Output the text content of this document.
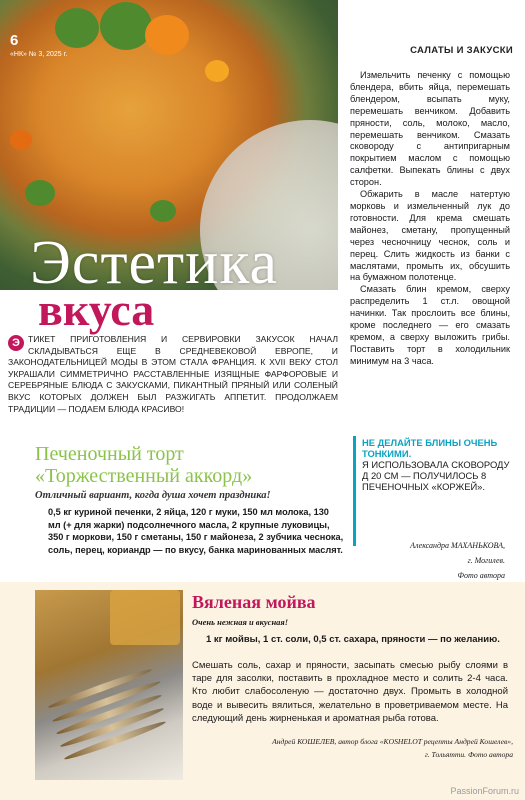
6
«НК» № 3, 2025 г.	САЛАТЫ И ЗАКУСКИ
Эстетика
вкуса
Э ТИКЕТ ПРИГОТОВЛЕНИЯ И СЕРВИРОВКИ ЗАКУСОК НАЧАЛ СКЛАДЫВАТЬСЯ ЕЩЕ В СРЕДНЕВЕКОВОЙ ЕВРОПЕ, И ЗАКОНОДАТЕЛЬНИЦЕЙ МОДЫ В ЭТОМ СТАЛА ФРАНЦИЯ. К XVII ВЕКУ СТОЛ УКРАШАЛИ СИММЕТРИЧНО РАССТАВЛЕННЫЕ ИЗЯЩНЫЕ ФАРФОРОВЫЕ И СЕРЕБРЯНЫЕ БЛЮДА С ЗАКУСКАМИ, ПИКАНТНЫЙ ПРЯНЫЙ ИЛИ СОЛЕНЫЙ ВКУС КОТОРЫХ ДОЛЖЕН БЫЛ РАЗЖИГАТЬ АППЕТИТ. ПРОДОЛЖАЕМ ТРАДИЦИИ — ПОДАЕМ БЛЮДА КРАСИВО!
Печеночный торт
«Торжественный аккорд»
Отличный вариант, когда душа хочет праздника!
0,5 кг куриной печенки, 2 яйца, 120 г муки, 150 мл молока, 130 мл (+ для жарки) подсолнечного масла, 2 крупные луковицы, 350 г моркови, 150 г сметаны, 150 г майонеза, 2 зубчика чеснока, соль, перец, кориандр — по вкусу, банка маринованных маслят.

Измельчить печенку с помощью блендера, вбить яйца, перемешать блендером, всыпать муку, перемешать венчиком. Добавить пряности, соль, молоко, масло, перемешать венчиком. Смазать сковороду с антипригарным покрытием маслом с помощью салфетки. Выпекать блины с двух сторон.

Обжарить в масле натертую морковь и измельченный лук до готовности. Для крема смешать майонез, сметану, пропущенный через чесночницу чеснок, соль и перец. Слить жидкость из банки с маслятами, промыть их, обсушить на бумажном полотенце.

Смазать блин кремом, сверху распределить 1 ст.л. овощной начинки. Так прослоить все блины, кроме последнего — его смазать кремом, а сверху выложить грибы. Поставить торт в холодильник минимум на 3 часа.

НЕ ДЕЛАЙТЕ БЛИНЫ ОЧЕНЬ ТОНКИМИ.
Я ИСПОЛЬЗОВАЛА СКОВОРОДУ Д 20 СМ — ПОЛУЧИЛОСЬ 8 ПЕЧЕНОЧНЫХ «КОРЖЕЙ».
Александра МАХАНЬКОВА,
г. Могилев.
Фото автора
Вяленая мойва
Очень нежная и вкусная!
1 кг мойвы, 1 ст. соли, 0,5 ст. сахара, пряности — по желанию.
Смешать соль, сахар и пряности, засыпать смесью рыбу слоями в таре для засолки, поставить в прохладное место и солить 2-4 часа. Кто любит слабосоленую — достаточно двух. Промыть в холодной воде и вывесить вялиться, желательно в проветриваемом месте. На следующий день жирненькая и ароматная рыба готова.
Андрей КОШЕЛЕВ, автор блога «KOSHELOT рецепты Андрей Кошелев»,
г. Тольятти. Фото автора
PassionForum.ru
